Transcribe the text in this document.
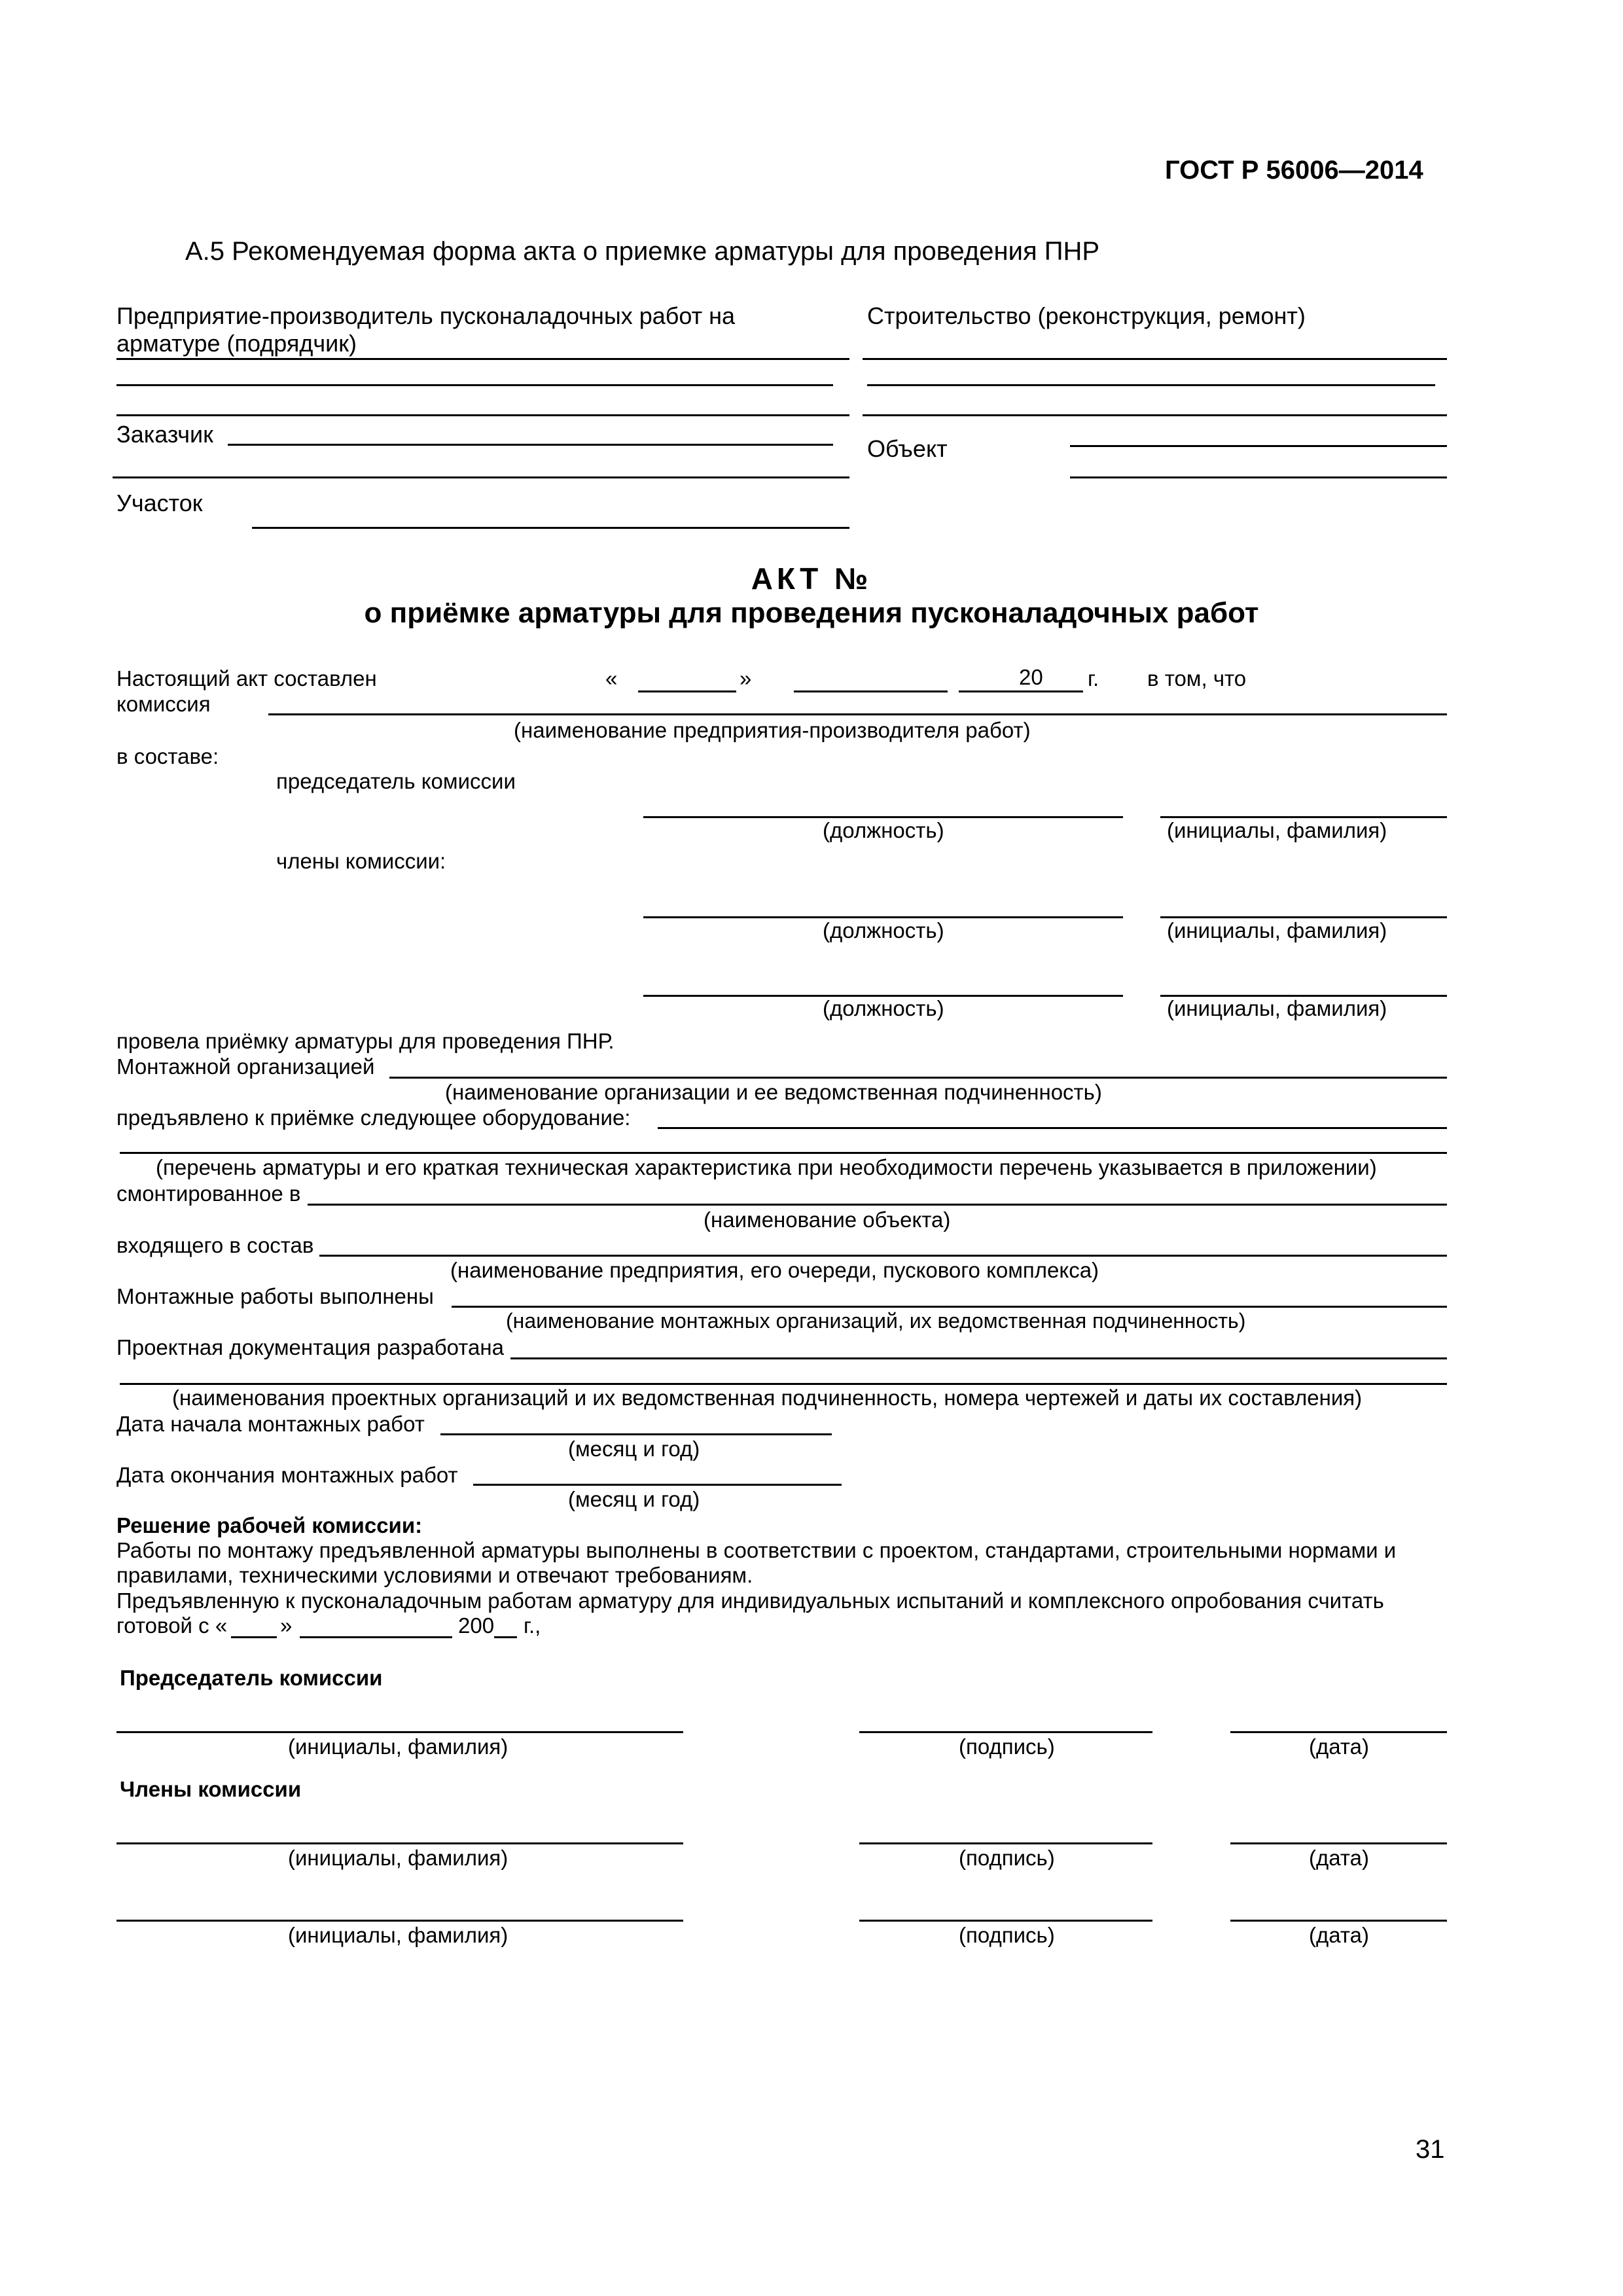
ГОСТ Р 56006—2014
А.5 Рекомендуемая форма акта о приемке арматуры для проведения ПНР
Предприятие-производитель пусконаладочных работ на арматуре (подрядчик)
Строительство (реконструкция, ремонт)
Заказчик
Объект
Участок
АКТ №
о приёмке арматуры для проведения пусконаладочных работ
Настоящий акт составлен	«	»	20 г. в том, что
комиссия
(наименование предприятия-производителя работ)
в составе:
председатель комиссии
(должность)	(инициалы, фамилия)
члены комиссии:
(должность)	(инициалы, фамилия)
(должность)	(инициалы, фамилия)
провела приёмку арматуры для проведения ПНР.
Монтажной организацией
(наименование организации и ее ведомственная подчиненность)
предъявлено к приёмке следующее оборудование:
(перечень арматуры и его краткая техническая характеристика при необходимости перечень указывается в приложении)
смонтированное в
(наименование объекта)
входящего в состав
(наименование предприятия, его очереди, пускового комплекса)
Монтажные работы выполнены
(наименование монтажных организаций, их ведомственная подчиненность)
Проектная документация разработана
(наименования проектных организаций и их ведомственная подчиненность, номера чертежей и даты их составления)
Дата начала монтажных работ
(месяц и год)
Дата окончания монтажных работ
(месяц и год)
Решение рабочей комиссии:
Работы по монтажу предъявленной арматуры выполнены в соответствии с проектом, стандартами, строительными нормами и
правилами, техническими условиями и отвечают требованиям.
Предъявленную к пусконаладочным работам арматуру для индивидуальных испытаний и комплексного опробования считать
готовой с « »	200 г.,
Председатель комиссии
(инициалы, фамилия)	(подпись)	(дата)
Члены комиссии
(инициалы, фамилия)	(подпись)	(дата)
(инициалы, фамилия)	(подпись)	(дата)
31
